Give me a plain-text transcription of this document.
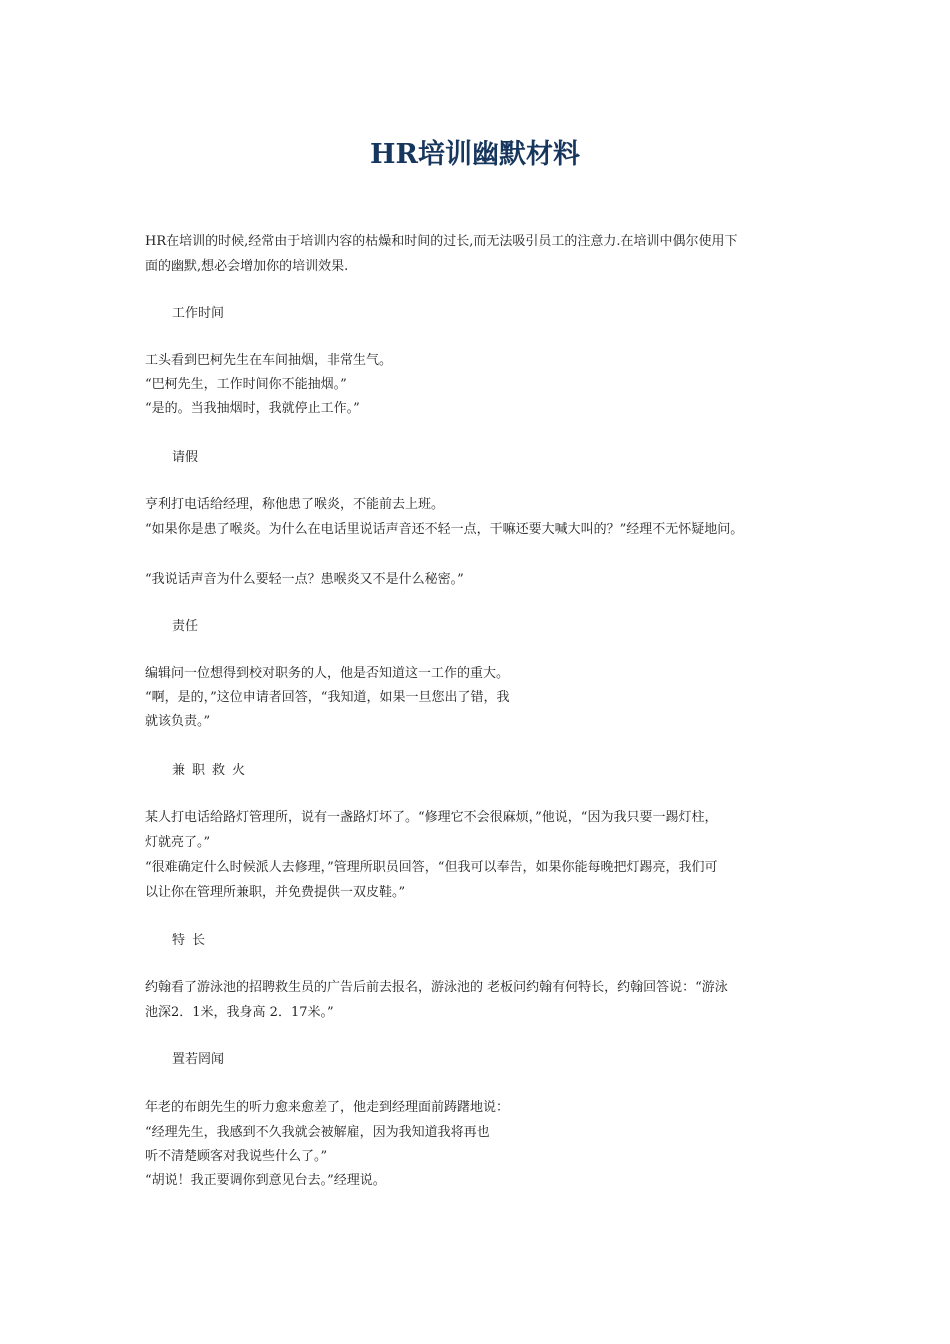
HR培训幽默材料

HR在培训的时候,经常由于培训内容的枯燥和时间的过长,而无法吸引员工的注意力.在培训中偶尔使用下

面的幽默,想必会增加你的培训效果.

工作时间

工头看到巴柯先生在车间抽烟，非常生气。

“巴柯先生，工作时间你不能抽烟。”

“是的。当我抽烟时，我就停止工作。”

请假

亨利打电话给经理，称他患了喉炎，不能前去上班。

“如果你是患了喉炎。为什么在电话里说话声音还不轻一点，干嘛还要大喊大叫的？”经理不无怀疑地问。

“我说话声音为什么要轻一点？患喉炎又不是什么秘密。”

责任

编辑问一位想得到校对职务的人，他是否知道这一工作的重大。

“啊，是的，”这位申请者回答，“我知道，如果一旦您出了错，我

就该负责。”

兼职救火

某人打电话给路灯管理所，说有一盏路灯坏了。“修理它不会很麻烦，”他说，“因为我只要一踢灯柱，

灯就亮了。”

“很难确定什么时候派人去修理，”管理所职员回答，“但我可以奉告，如果你能每晚把灯踢亮，我们可

以让你在管理所兼职，并免费提供一双皮鞋。”

特长

约翰看了游泳池的招聘救生员的广告后前去报名，游泳池的 老板问约翰有何特长，约翰回答说：“游泳

池深2．1米，我身高 2．17米。”

置若罔闻

年老的布朗先生的听力愈来愈差了，他走到经理面前踌躇地说：

“经理先生，我感到不久我就会被解雇，因为我知道我将再也

听不清楚顾客对我说些什么了。”

“胡说！我正要调你到意见台去。”经理说。
